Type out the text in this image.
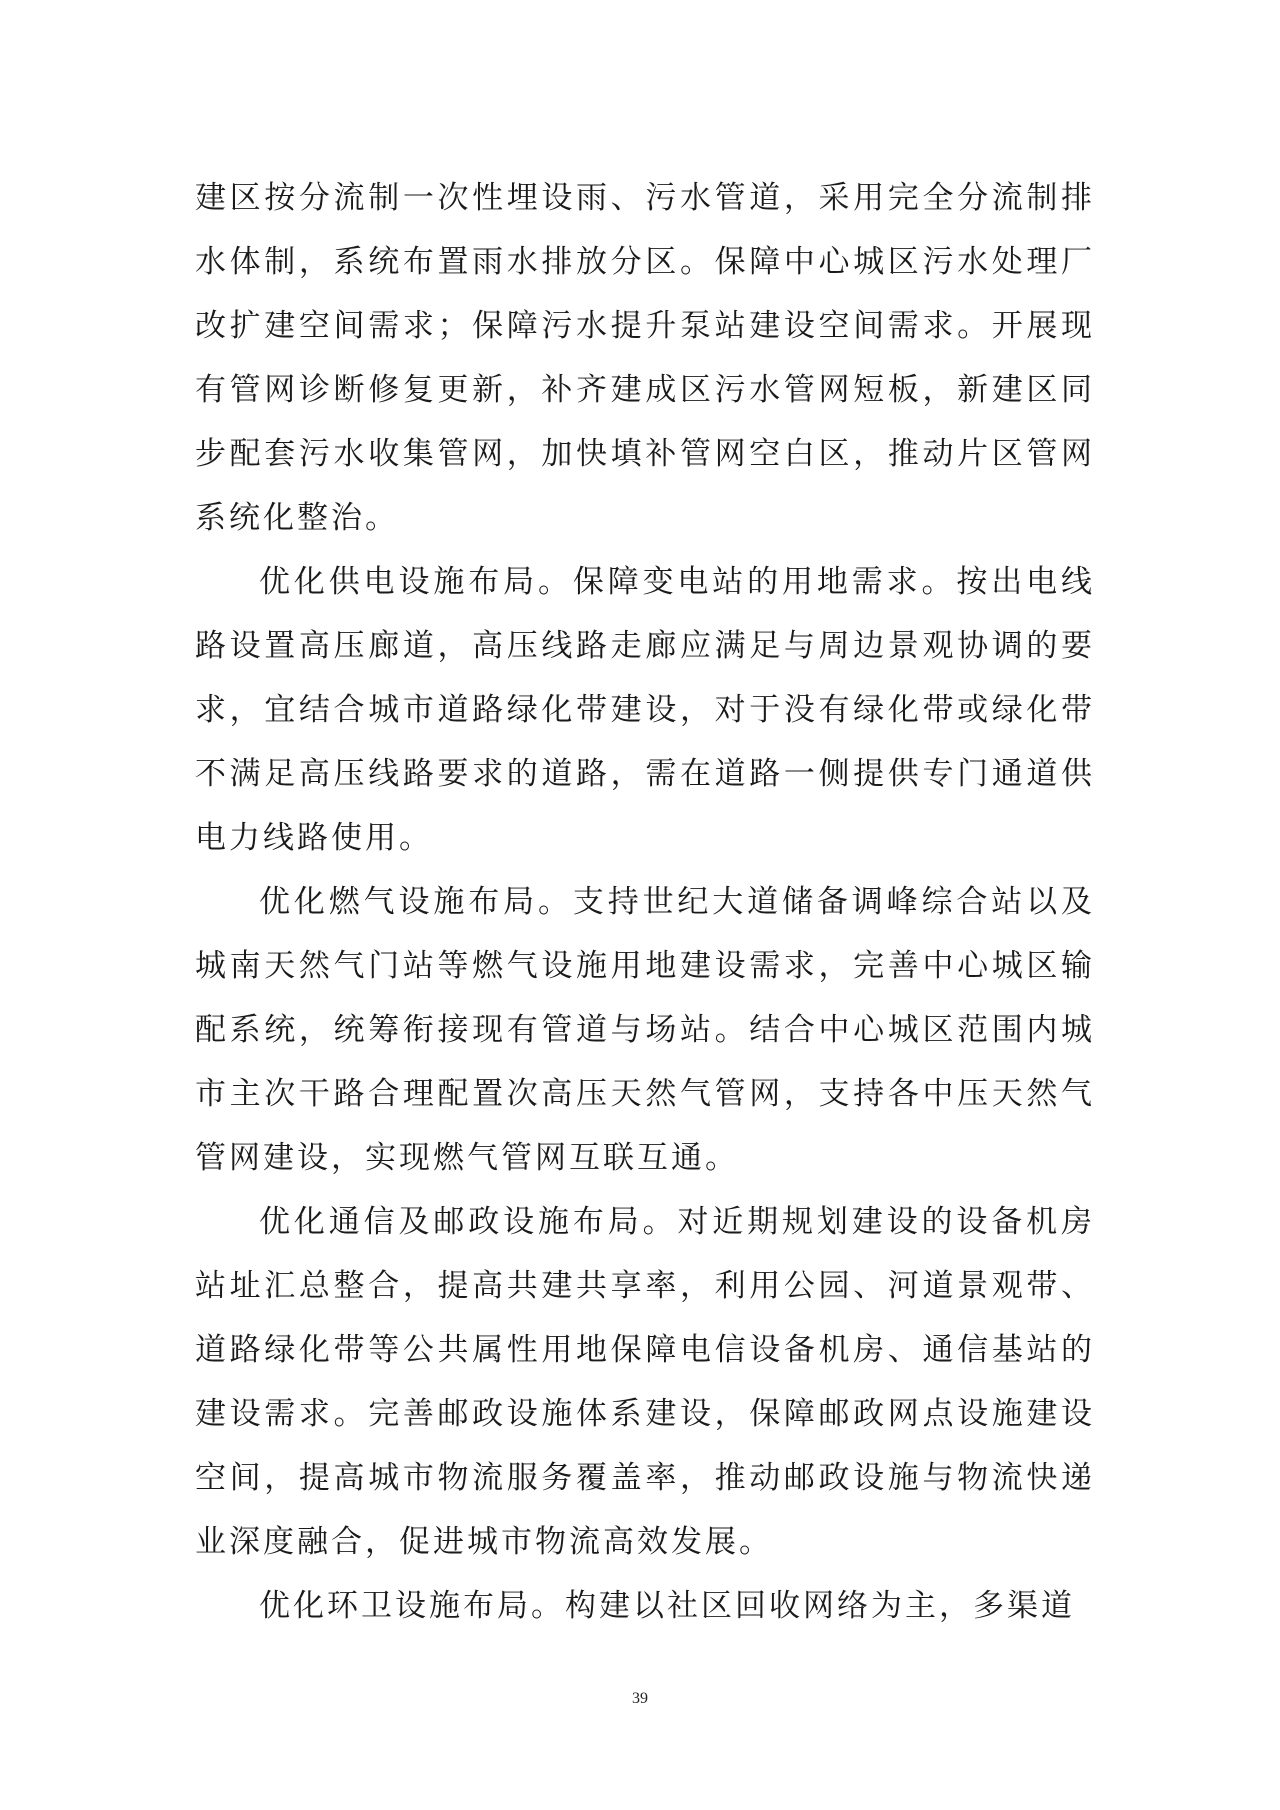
建区按分流制一次性埋设雨、污水管道，采用完全分流制排水体制，系统布置雨水排放分区。保障中心城区污水处理厂改扩建空间需求；保障污水提升泵站建设空间需求。开展现有管网诊断修复更新，补齐建成区污水管网短板，新建区同步配套污水收集管网，加快填补管网空白区，推动片区管网系统化整治。

优化供电设施布局。保障变电站的用地需求。按出电线路设置高压廊道，高压线路走廊应满足与周边景观协调的要求，宜结合城市道路绿化带建设，对于没有绿化带或绿化带不满足高压线路要求的道路，需在道路一侧提供专门通道供电力线路使用。

优化燃气设施布局。支持世纪大道储备调峰综合站以及城南天然气门站等燃气设施用地建设需求，完善中心城区输配系统，统筹衔接现有管道与场站。结合中心城区范围内城市主次干路合理配置次高压天然气管网，支持各中压天然气管网建设，实现燃气管网互联互通。

优化通信及邮政设施布局。对近期规划建设的设备机房站址汇总整合，提高共建共享率，利用公园、河道景观带、道路绿化带等公共属性用地保障电信设备机房、通信基站的建设需求。完善邮政设施体系建设，保障邮政网点设施建设空间，提高城市物流服务覆盖率，推动邮政设施与物流快递业深度融合，促进城市物流高效发展。

优化环卫设施布局。构建以社区回收网络为主，多渠道

39
